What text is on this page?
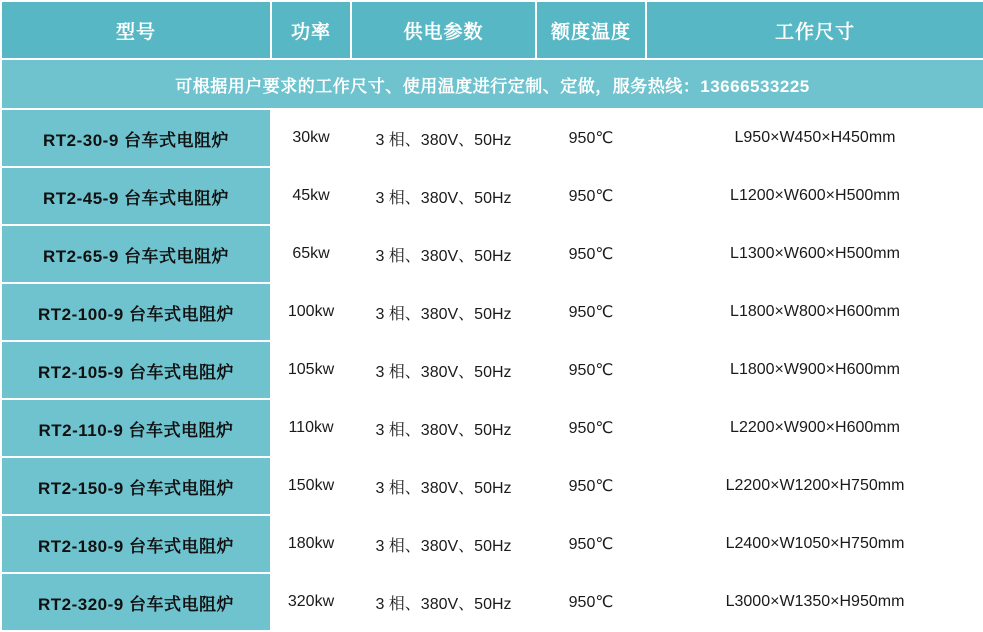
型号	功率	供电参数	额度温度	工作尺寸
可根据用户要求的工作尺寸、使用温度进行定制、定做，服务热线：13666533225				
RT2-30-9 台车式电阻炉	30kw	3 相、380V、50Hz	950℃	L950×W450×H450mm
RT2-45-9 台车式电阻炉	45kw	3 相、380V、50Hz	950℃	L1200×W600×H500mm
RT2-65-9 台车式电阻炉	65kw	3 相、380V、50Hz	950℃	L1300×W600×H500mm
RT2-100-9 台车式电阻炉	100kw	3 相、380V、50Hz	950℃	L1800×W800×H600mm
RT2-105-9 台车式电阻炉	105kw	3 相、380V、50Hz	950℃	L1800×W900×H600mm
RT2-110-9 台车式电阻炉	110kw	3 相、380V、50Hz	950℃	L2200×W900×H600mm
RT2-150-9 台车式电阻炉	150kw	3 相、380V、50Hz	950℃	L2200×W1200×H750mm
RT2-180-9 台车式电阻炉	180kw	3 相、380V、50Hz	950℃	L2400×W1050×H750mm
RT2-320-9 台车式电阻炉	320kw	3 相、380V、50Hz	950℃	L3000×W1350×H950mm
